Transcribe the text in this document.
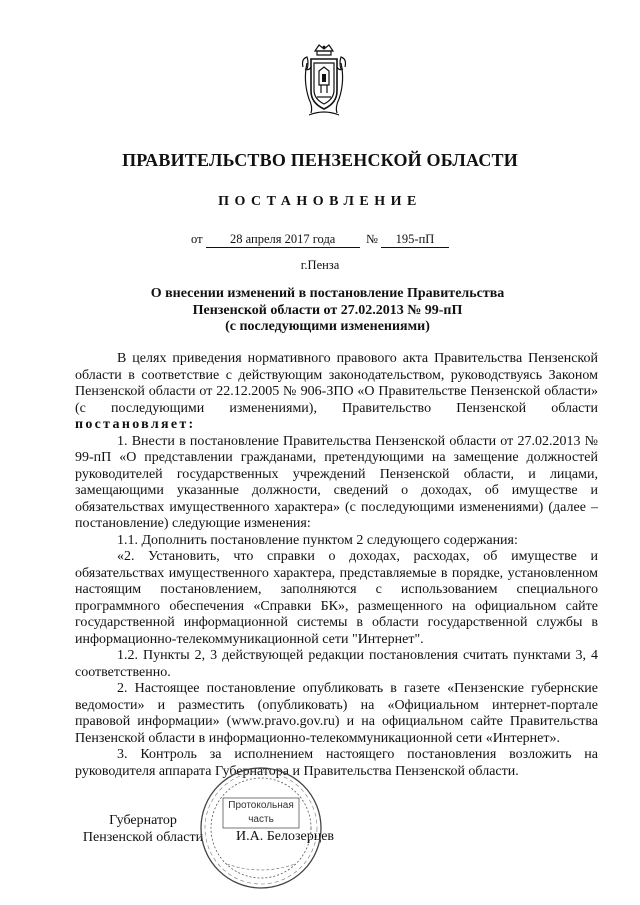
ПРАВИТЕЛЬСТВО ПЕНЗЕНСКОЙ ОБЛАСТИ
ПОСТАНОВЛЕНИЕ
от 28 апреля 2017 года № 195-пП
г.Пенза
О внесении изменений в постановление Правительства
Пензенской области от 27.02.2013 № 99-пП
(с последующими изменениями)

В целях приведения нормативного правового акта Правительства Пензенской области в соответствие с действующим законодательством, руководствуясь Законом Пензенской области от 22.12.2005 № 906-ЗПО «О Правительстве Пензенской области» (с последующими изменениями), Правительство Пензенской области постановляет:

1. Внести в постановление Правительства Пензенской области от 27.02.2013 № 99-пП «О представлении гражданами, претендующими на замещение должностей руководителей государственных учреждений Пензенской области, и лицами, замещающими указанные должности, сведений о доходах, об имуществе и обязательствах имущественного характера» (с последующими изменениями) (далее – постановление) следующие изменения:

1.1. Дополнить постановление пунктом 2 следующего содержания:

«2. Установить, что справки о доходах, расходах, об имуществе и обязательствах имущественного характера, представляемые в порядке, установленном настоящим постановлением, заполняются с использованием специального программного обеспечения «Справки БК», размещенного на официальном сайте государственной информационной системы в области государственной службы в информационно-телекоммуникационной сети "Интернет".

1.2. Пункты 2, 3 действующей редакции постановления считать пунктами 3, 4 соответственно.

2. Настоящее постановление опубликовать в газете «Пензенские губернские ведомости» и разместить (опубликовать) на «Официальном интернет-портале правовой информации» (www.pravo.gov.ru) и на официальном сайте Правительства Пензенской области в информационно-телекоммуникационной сети «Интернет».

3. Контроль за исполнением настоящего постановления возложить на руководителя аппарата Губернатора и Правительства Пензенской области.

Губернатор
Пензенской области	И.А. Белозерцев
Протокольная
часть
